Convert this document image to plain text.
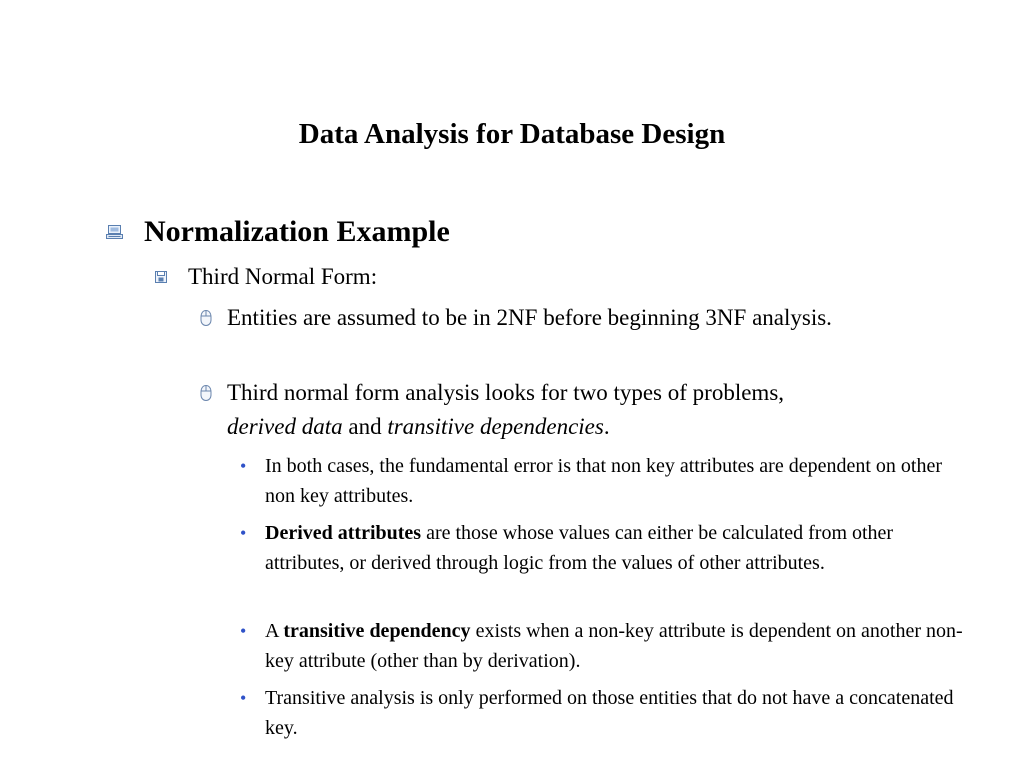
Data Analysis for Database Design
Normalization Example
Third Normal Form:
Entities are assumed to be in 2NF before beginning 3NF analysis.
Third normal form analysis looks for two types of problems,
derived data and transitive dependencies.
• In both cases, the fundamental error is that non key attributes are dependent on other non key attributes.
• Derived attributes are those whose values can either be calculated from other attributes, or derived through logic from the values of other attributes.
• A transitive dependency exists when a non-key attribute is dependent on another non-key attribute (other than by derivation).
• Transitive analysis is only performed on those entities that do not have a concatenated key.
